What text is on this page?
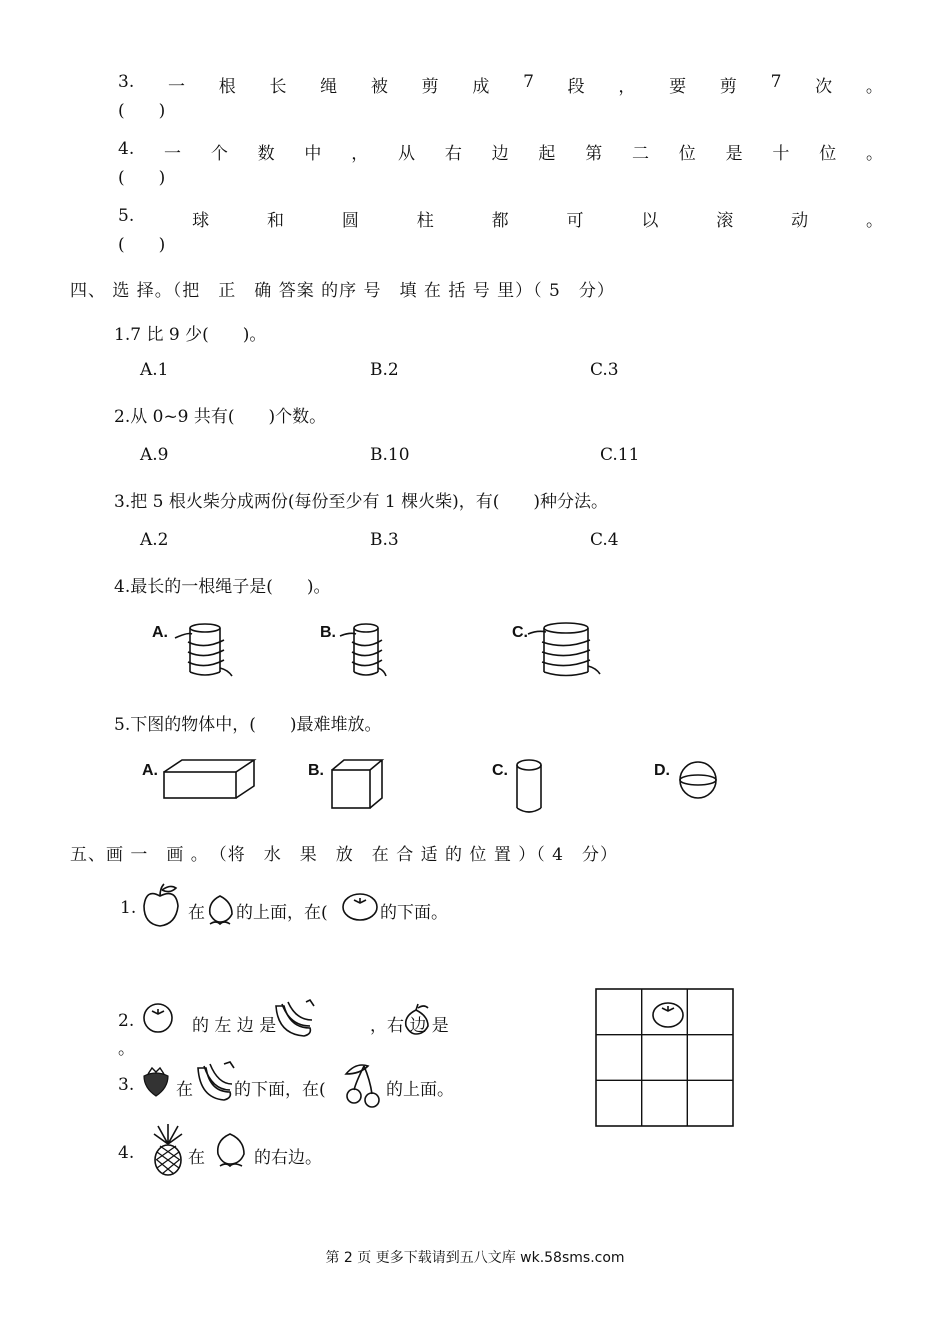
3. 一 根 长 绳 被 剪 成 7 段 ， 要 剪 7 次 。
(　　)
4. 一 个 数 中 ， 从 右 边 起 第 二 位 是 十 位 。
(　　)
5.	球	和	圆	柱	都	可	以	滚	动	。
(　　)
四、 选 择。（把　正　确 答案 的序 号　填 在 括 号 里）（ 5　分）
1.7 比 9 少(　　)。
A.1	B.2	C.3
2.从 0~9 共有(　　)个数。
A.9	B.10	C.11
3.把 5 根火柴分成两份(每份至少有 1 棵火柴)，有(　　)种分法。
A.2	B.3	C.4
4.最长的一根绳子是(　　)。
A.	B.	C.
5.下图的物体中，(　　)最难堆放。
A.	B.	C.	D.
五、画 一　画 。　（将　水　果　放　在 合 适 的 位 置 ）（ 4　分）
1.	在 的上面，在(	的下面。
2.	的 左 边 是	，右 边 是
。
3. 在 的下面，在(	的上面。
4.	在	的右边。
第 2 页 更多下载请到五八文库 wk.58sms.com
